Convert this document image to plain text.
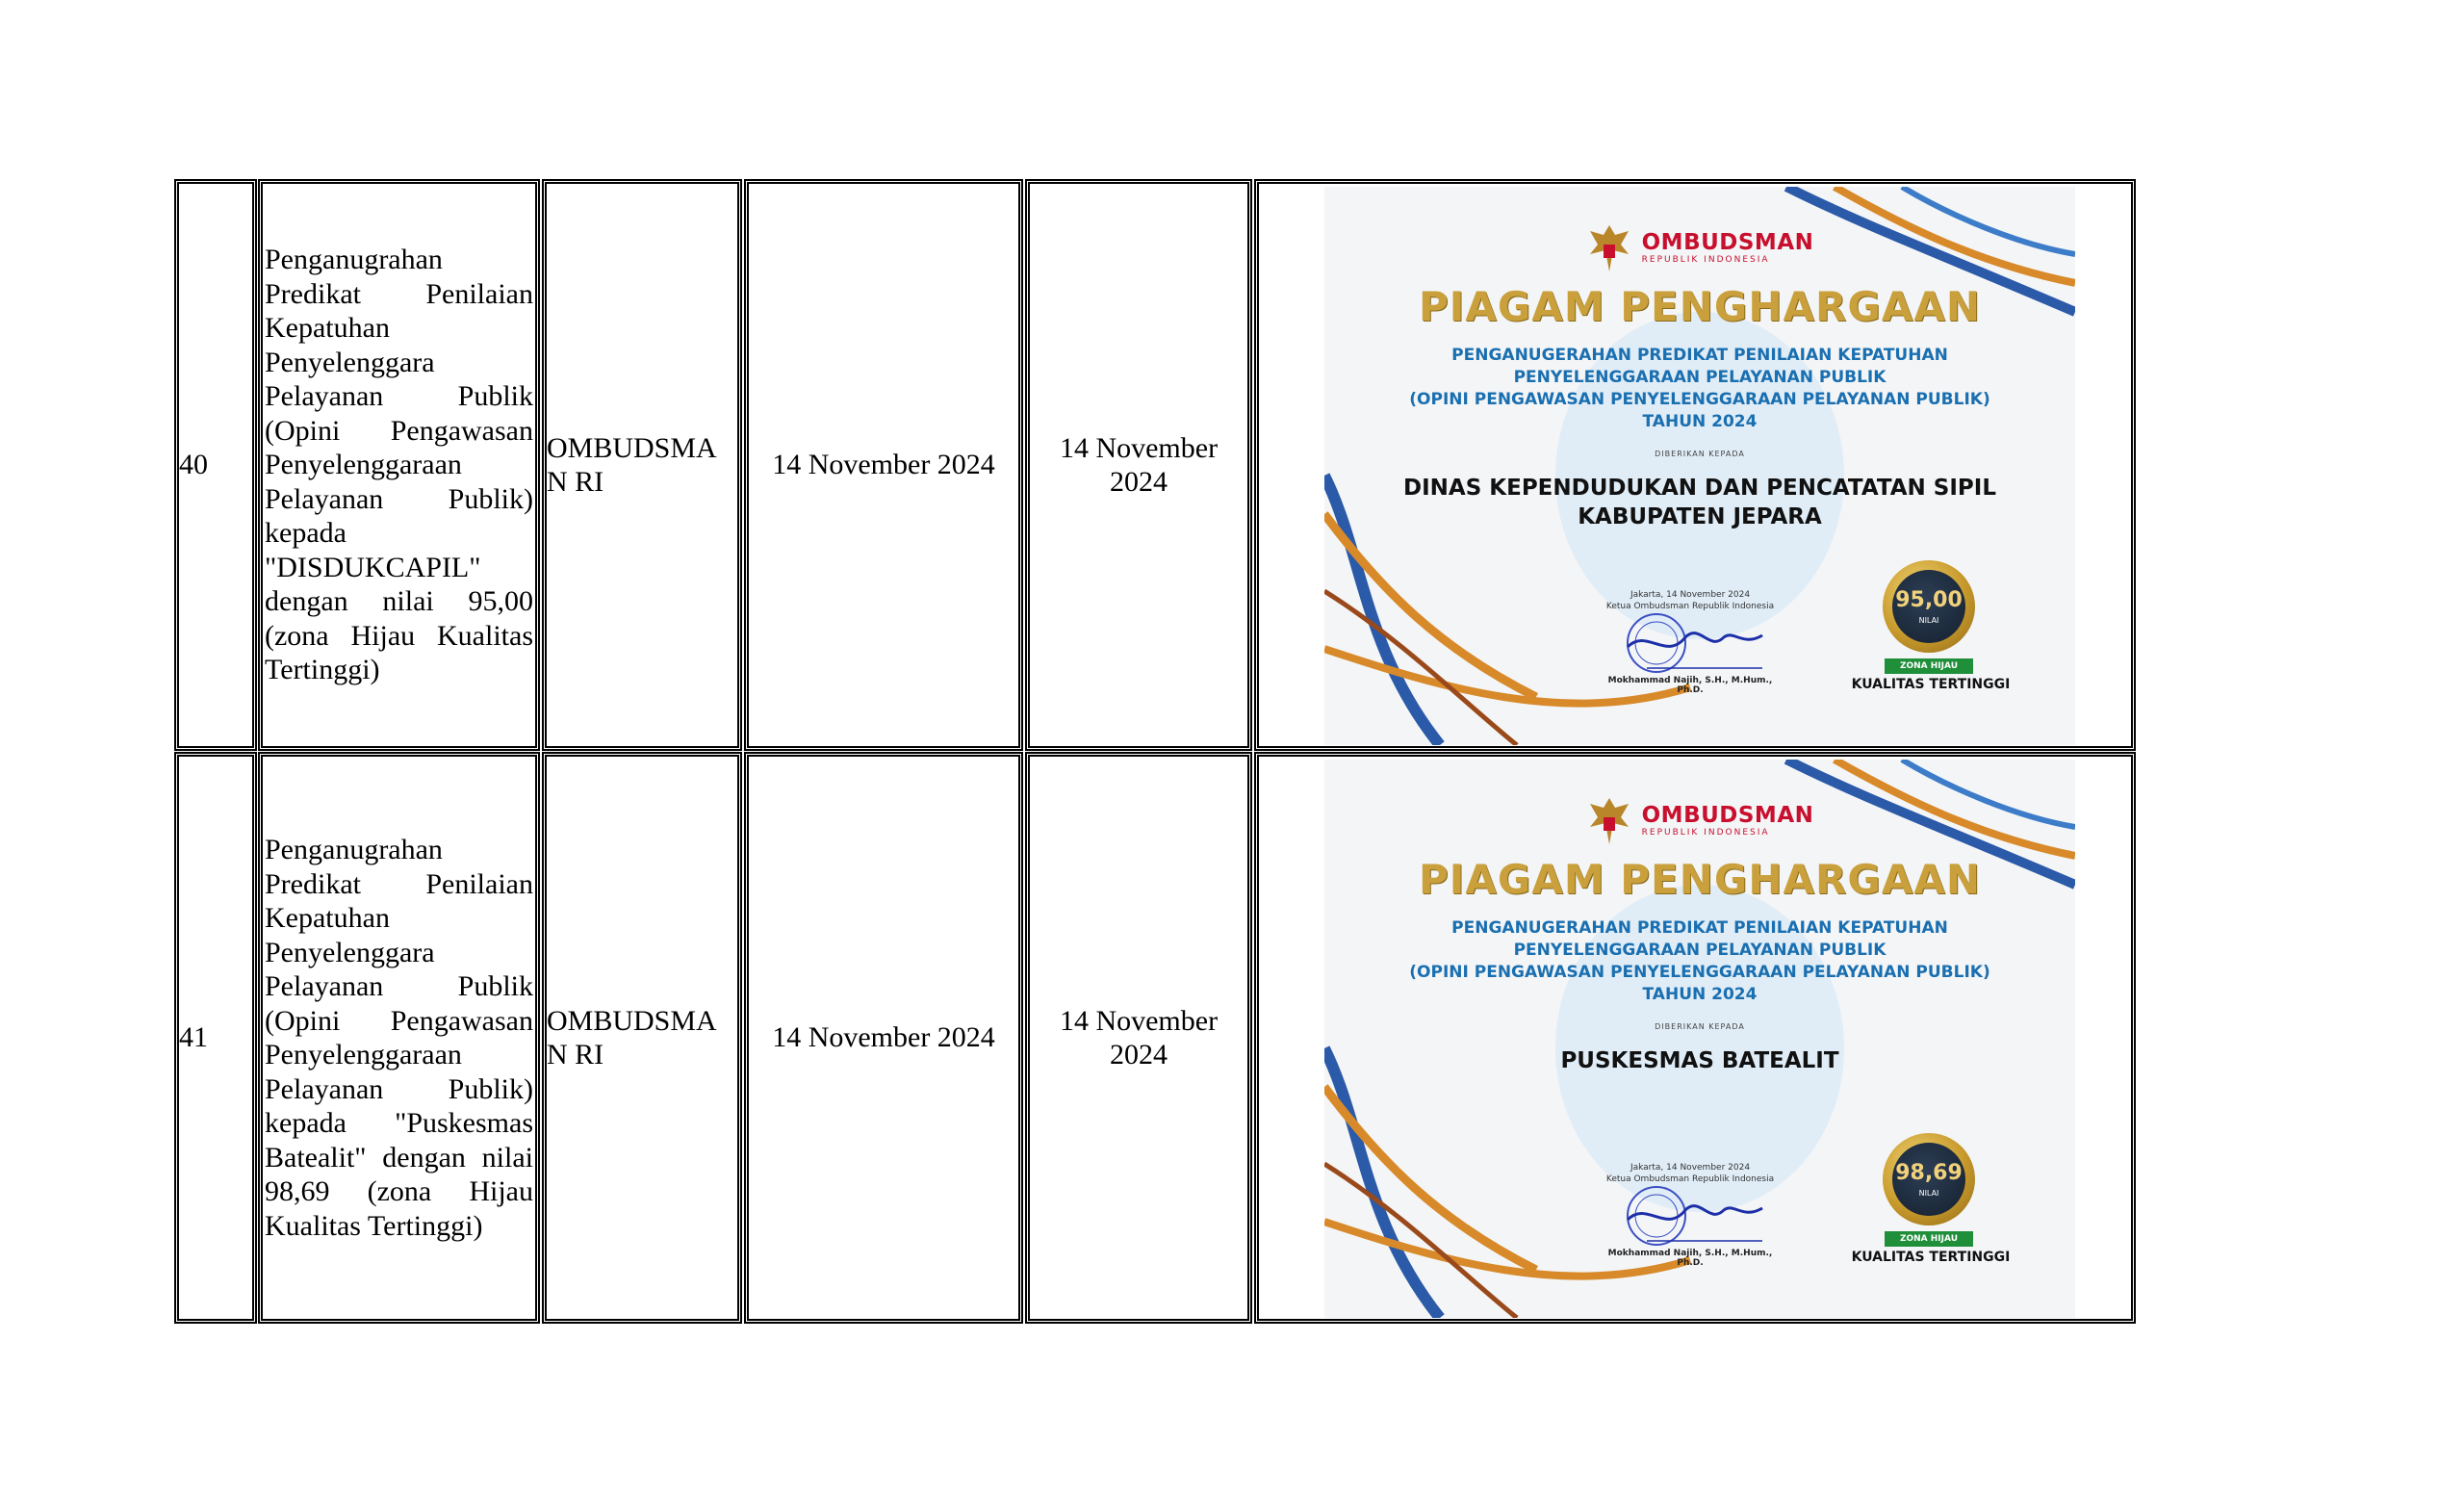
40
Penganugrahan Predikat Penilaian Kepatuhan Penyelenggara Pelayanan Publik (Opini Pengawasan Penyelenggaraan Pelayanan Publik) kepada "DISDUKCAPIL" dengan nilai 95,00 (zona Hijau Kualitas Tertinggi)
OMBUDSMA
N RI
14 November 2024
14 November 2024
OMBUDSMAN
REPUBLIK INDONESIA
PIAGAM PENGHARGAAN
PENGANUGERAHAN PREDIKAT PENILAIAN KEPATUHAN
PENYELENGGARAAN PELAYANAN PUBLIK
(OPINI PENGAWASAN PENYELENGGARAAN PELAYANAN PUBLIK)
TAHUN 2024
DIBERIKAN KEPADA
DINAS KEPENDUDUKAN DAN PENCATATAN SIPIL
KABUPATEN JEPARA
Jakarta, 14 November 2024
Ketua Ombudsman Republik Indonesia
Mokhammad Najih, S.H., M.Hum., Ph.D.
95,00
NILAI
ZONA HIJAU
KUALITAS TERTINGGI
41
Penganugrahan Predikat Penilaian Kepatuhan Penyelenggara Pelayanan Publik (Opini Pengawasan Penyelenggaraan Pelayanan Publik) kepada "Puskesmas Batealit" dengan nilai 98,69 (zona Hijau Kualitas Tertinggi)
OMBUDSMA
N RI
14 November 2024
14 November 2024
OMBUDSMAN
REPUBLIK INDONESIA
PIAGAM PENGHARGAAN
PENGANUGERAHAN PREDIKAT PENILAIAN KEPATUHAN
PENYELENGGARAAN PELAYANAN PUBLIK
(OPINI PENGAWASAN PENYELENGGARAAN PELAYANAN PUBLIK)
TAHUN 2024
DIBERIKAN KEPADA
PUSKESMAS BATEALIT
Jakarta, 14 November 2024
Ketua Ombudsman Republik Indonesia
Mokhammad Najih, S.H., M.Hum., Ph.D.
98,69
NILAI
ZONA HIJAU
KUALITAS TERTINGGI
